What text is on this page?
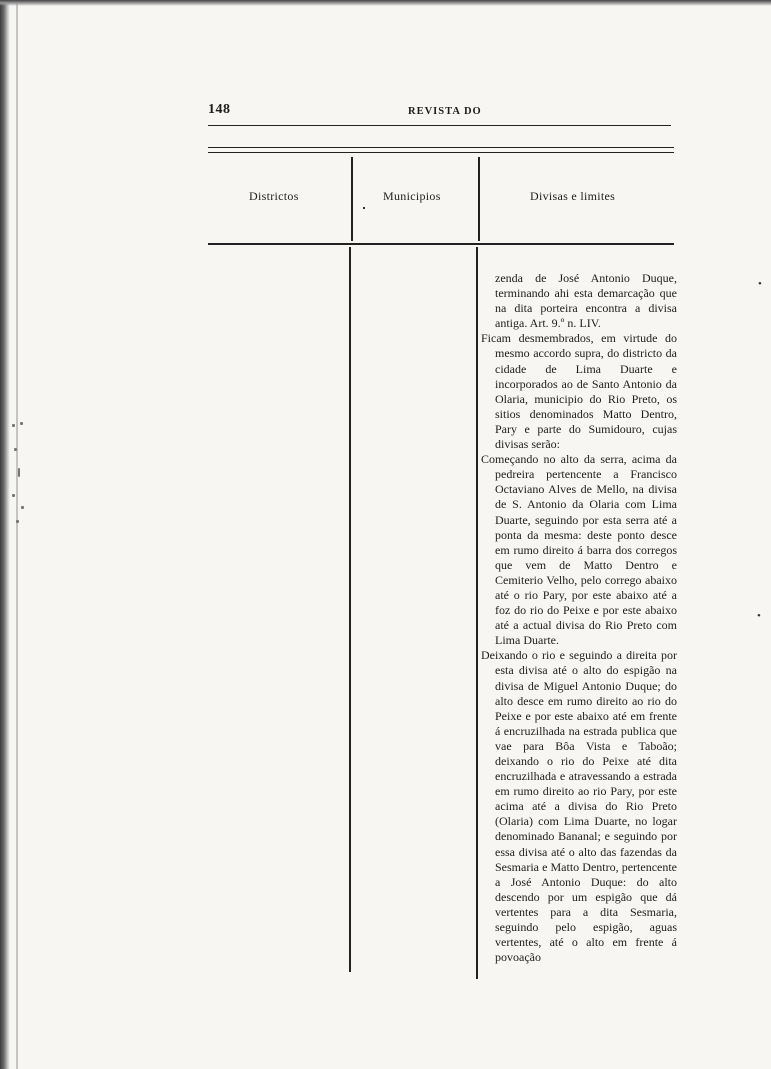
•
•
148	REVISTA DO
Districtos	Municipios	Divisas e limites

zenda de José Antonio Duque, terminando ahi esta demarcação que na dita porteira encontra a divisa antiga. Art. 9.º n. LIV.

Ficam desmembrados, em virtude do mesmo accordo supra, do districto da cidade de Lima Duarte e incorporados ao de Santo Antonio da Olaria, municipio do Rio Preto, os sitios denominados Matto Dentro, Pary e parte do Sumidouro, cujas divisas serão:

Começando no alto da serra, acima da pedreira pertencente a Francisco Octaviano Alves de Mello, na divisa de S. Antonio da Olaria com Lima Duarte, seguindo por esta serra até a ponta da mesma: deste ponto desce em rumo direito á barra dos corregos que vem de Matto Dentro e Cemiterio Velho, pelo corrego abaixo até o rio Pary, por este abaixo até a foz do rio do Peixe e por este abaixo até a actual divisa do Rio Preto com Lima Duarte.

Deixando o rio e seguindo a direita por esta divisa até o alto do espigão na divisa de Miguel Antonio Duque; do alto desce em rumo direito ao rio do Peixe e por este abaixo até em frente á encruzilhada na estrada publica que vae para Bôa Vista e Taboão; deixando o rio do Peixe até dita encruzilhada e atravessando a estrada em rumo direito ao rio Pary, por este acima até a divisa do Rio Preto (Olaria) com Lima Duarte, no logar denominado Bananal; e seguindo por essa divisa até o alto das fazendas da Sesmaria e Matto Dentro, pertencente a José Antonio Duque: do alto descendo por um espigão que dá vertentes para a dita Sesmaria, seguindo pelo espigão, aguas vertentes, até o alto em frente á povoação
